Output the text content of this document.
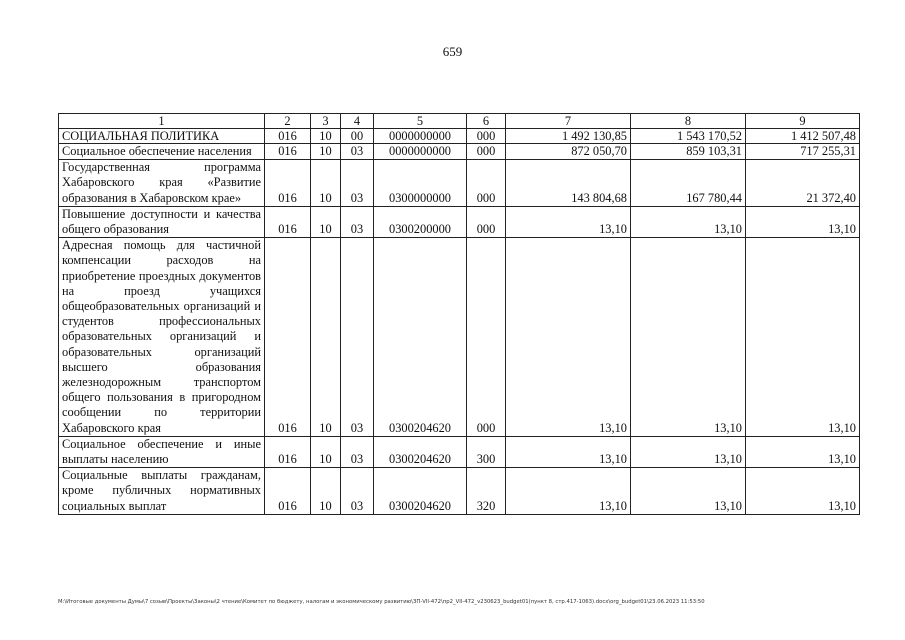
659
1	2	3	4	5	6	7	8	9
СОЦИАЛЬНАЯ ПОЛИТИКА	016	10	00	0000000000	000	1 492 130,85	1 543 170,52	1 412 507,48
Социальное обеспечение населения	016	10	03	0000000000	000	872 050,70	859 103,31	717 255,31
Государственная программа Хабаровского края «Развитие образования в Хабаровском крае»	016	10	03	0300000000	000	143 804,68	167 780,44	21 372,40
Повышение доступности и качества общего образования	016	10	03	0300200000	000	13,10	13,10	13,10
Адресная помощь для частичной компенсации расходов на приобретение проездных документов на проезд учащихся общеобразовательных организаций и студентов профессиональных образовательных организаций и образовательных организаций высшего образования железнодорожным транспортом общего пользования в пригородном сообщении по территории Хабаровского края	016	10	03	0300204620	000	13,10	13,10	13,10
Социальное обеспечение и иные выплаты населению	016	10	03	0300204620	300	13,10	13,10	13,10
Социальные выплаты гражданам, кроме публичных нормативных социальных выплат	016	10	03	0300204620	320	13,10	13,10	13,10
M:\Итоговые документы Думы\7 созыв\Проекты\Законы\2 чтение\Комитет по бюджету, налогам и экономическому развитию\ЗП-VII-472\пр2_VII-472_v230623_budget01(пункт 8, стр.417-1063).docx\org_budget01\23.06.2023 11:53:50
